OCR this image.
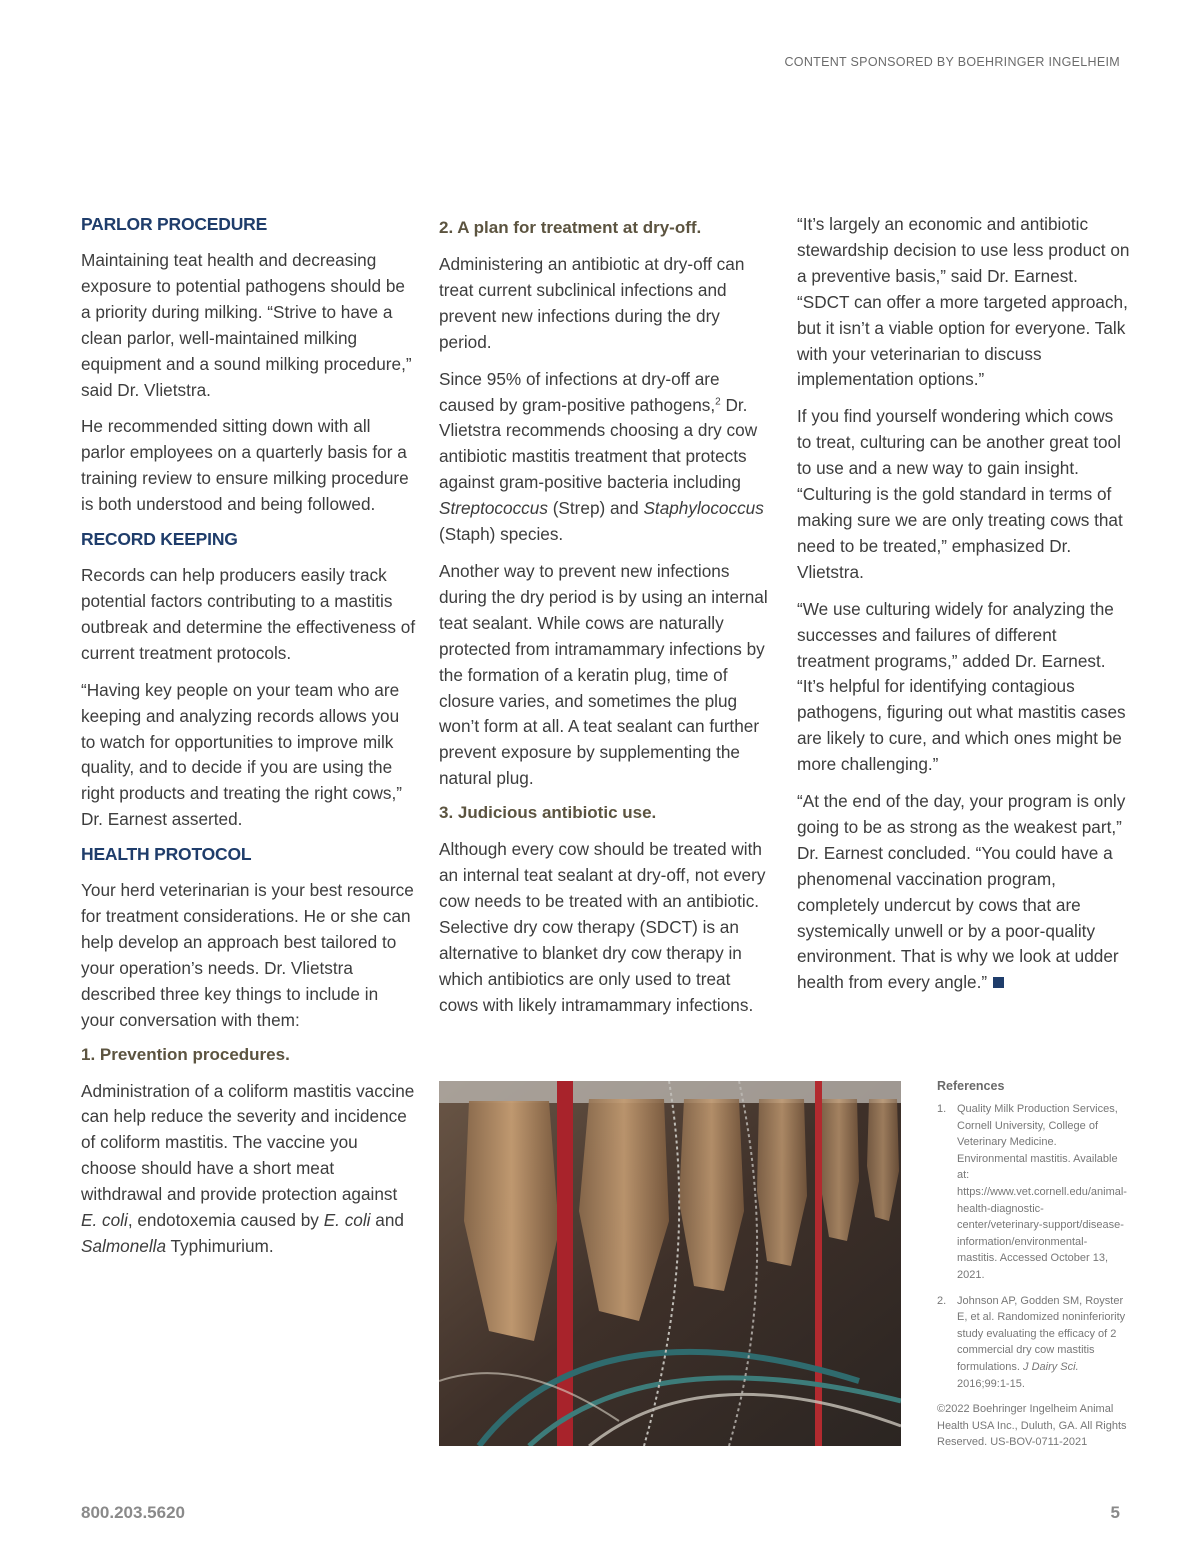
CONTENT SPONSORED BY BOEHRINGER INGELHEIM
PARLOR PROCEDURE

Maintaining teat health and decreasing exposure to potential pathogens should be a priority during milking. “Strive to have a clean parlor, well-maintained milking equipment and a sound milking procedure,” said Dr. Vlietstra.

He recommended sitting down with all parlor employees on a quarterly basis for a training review to ensure milking procedure is both understood and being followed.

RECORD KEEPING

Records can help producers easily track potential factors contributing to a mastitis outbreak and determine the effectiveness of current treatment protocols.

“Having key people on your team who are keeping and analyzing records allows you to watch for opportunities to improve milk quality, and to decide if you are using the right products and treating the right cows,” Dr. Earnest asserted.

HEALTH PROTOCOL

Your herd veterinarian is your best resource for treatment considerations. He or she can help develop an approach best tailored to your operation’s needs. Dr. Vlietstra described three key things to include in your conversation with them:

1. Prevention procedures.

Administration of a coliform mastitis vaccine can help reduce the severity and incidence of coliform mastitis. The vaccine you choose should have a short meat withdrawal and provide protection against E. coli, endotoxemia caused by E. coli and Salmonella Typhimurium.

2. A plan for treatment at dry-off.

Administering an antibiotic at dry-off can treat current subclinical infections and prevent new infections during the dry period.

Since 95% of infections at dry-off are caused by gram-positive pathogens,$^2$ Dr. Vlietstra recommends choosing a dry cow antibiotic mastitis treatment that protects against gram-positive bacteria including Streptococcus (Strep) and Staphylococcus (Staph) species.

Another way to prevent new infections during the dry period is by using an internal teat sealant. While cows are naturally protected from intramammary infections by the formation of a keratin plug, time of closure varies, and sometimes the plug won’t form at all. A teat sealant can further prevent exposure by supplementing the natural plug.

3. Judicious antibiotic use.

Although every cow should be treated with an internal teat sealant at dry-off, not every cow needs to be treated with an antibiotic. Selective dry cow therapy (SDCT) is an alternative to blanket dry cow therapy in which antibiotics are only used to treat cows with likely intramammary infections.

“It’s largely an economic and antibiotic stewardship decision to use less product on a preventive basis,” said Dr. Earnest. “SDCT can offer a more targeted approach, but it isn’t a viable option for everyone. Talk with your veterinarian to discuss implementation options.”

If you find yourself wondering which cows to treat, culturing can be another great tool to use and a new way to gain insight. “Culturing is the gold standard in terms of making sure we are only treating cows that need to be treated,” emphasized Dr. Vlietstra.

“We use culturing widely for analyzing the successes and failures of different treatment programs,” added Dr. Earnest. “It’s helpful for identifying contagious pathogens, figuring out what mastitis cases are likely to cure, and which ones might be more challenging.”

“At the end of the day, your program is only going to be as strong as the weakest part,” Dr. Earnest concluded. “You could have a phenomenal vaccination program, completely undercut by cows that are systemically unwell or by a poor-quality environment. That is why we look at udder health from every angle.”

References
1. Quality Milk Production Services, Cornell University, College of Veterinary Medicine. Environmental mastitis. Available at: https://www.vet.cornell.edu/animal-health-diagnostic-center/veterinary-support/disease-information/environmental-mastitis. Accessed October 13, 2021.
2. Johnson AP, Godden SM, Royster E, et al. Randomized noninferiority study evaluating the efficacy of 2 commercial dry cow mastitis formulations. J Dairy Sci. 2016;99:1-15.
©2022 Boehringer Ingelheim Animal Health USA Inc., Duluth, GA. All Rights Reserved. US-BOV-0711-2021
800.203.5620	5
